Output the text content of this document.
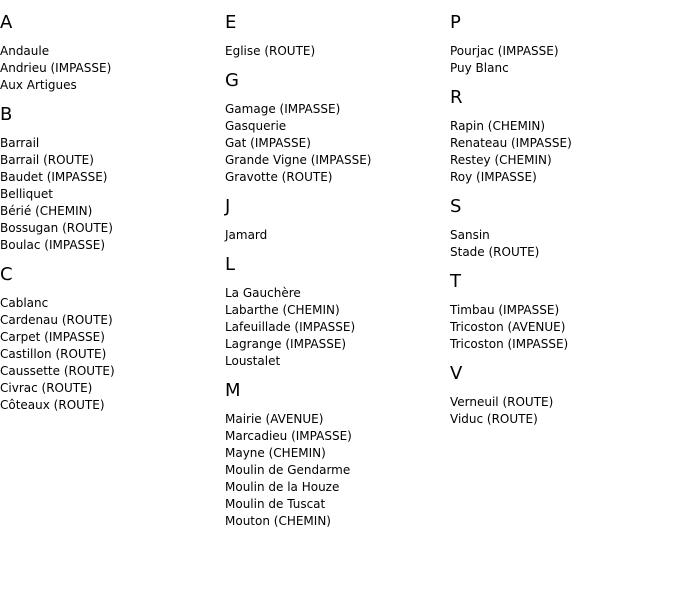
A
Andaule
Andrieu (IMPASSE)
Aux Artigues
B
Barrail
Barrail (ROUTE)
Baudet (IMPASSE)
Belliquet
Bérié (CHEMIN)
Bossugan (ROUTE)
Boulac (IMPASSE)
C
Cablanc
Cardenau (ROUTE)
Carpet (IMPASSE)
Castillon (ROUTE)
Caussette (ROUTE)
Civrac (ROUTE)
Côteaux (ROUTE)
E
Eglise (ROUTE)
G
Gamage (IMPASSE)
Gasquerie
Gat (IMPASSE)
Grande Vigne (IMPASSE)
Gravotte (ROUTE)
J
Jamard
L
La Gauchère
Labarthe (CHEMIN)
Lafeuillade (IMPASSE)
Lagrange (IMPASSE)
Loustalet
M
Mairie (AVENUE)
Marcadieu (IMPASSE)
Mayne (CHEMIN)
Moulin de Gendarme
Moulin de la Houze
Moulin de Tuscat
Mouton (CHEMIN)
P
Pourjac (IMPASSE)
Puy Blanc
R
Rapin (CHEMIN)
Renateau (IMPASSE)
Restey (CHEMIN)
Roy (IMPASSE)
S
Sansin
Stade (ROUTE)
T
Timbau (IMPASSE)
Tricoston (AVENUE)
Tricoston (IMPASSE)
V
Verneuil (ROUTE)
Viduc (ROUTE)
